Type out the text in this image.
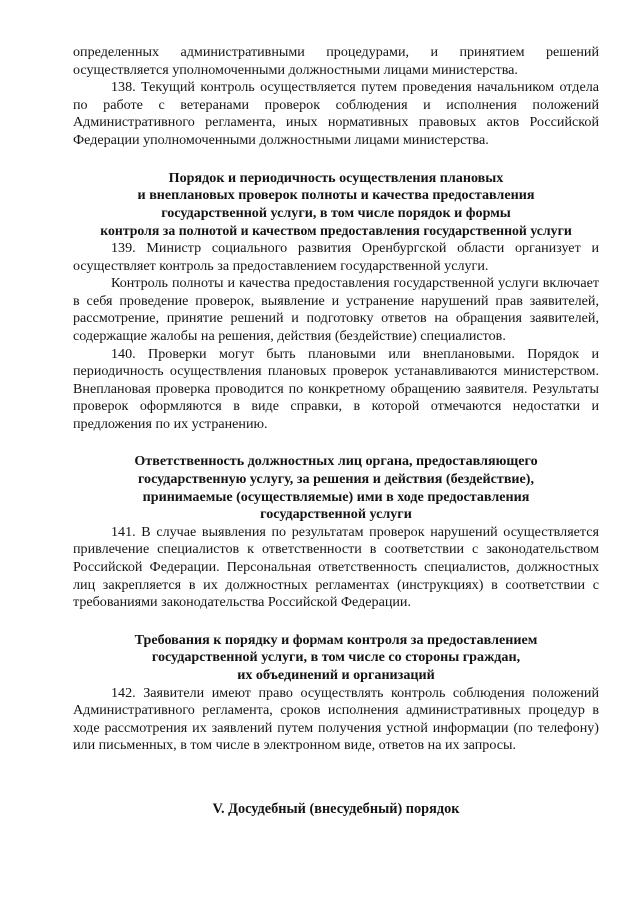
определенных административными процедурами, и принятием решений осуществляется уполномоченными должностными лицами министерства.

138. Текущий контроль осуществляется путем проведения начальником отдела по работе с ветеранами проверок соблюдения и исполнения положений Административного регламента, иных нормативных правовых актов Российской Федерации уполномоченными должностными лицами министерства.

Порядок и периодичность осуществления плановых
и внеплановых проверок полноты и качества предоставления
государственной услуги, в том числе порядок и формы
контроля за полнотой и качеством предоставления государственной услуги

139. Министр социального развития Оренбургской области организует и осуществляет контроль за предоставлением государственной услуги.

Контроль полноты и качества предоставления государственной услуги включает в себя проведение проверок, выявление и устранение нарушений прав заявителей, рассмотрение, принятие решений и подготовку ответов на обращения заявителей, содержащие жалобы на решения, действия (бездействие) специалистов.

140. Проверки могут быть плановыми или внеплановыми. Порядок и периодичность осуществления плановых проверок устанавливаются министерством. Внеплановая проверка проводится по конкретному обращению заявителя. Результаты проверок оформляются в виде справки, в которой отмечаются недостатки и предложения по их устранению.

Ответственность должностных лиц органа, предоставляющего
государственную услугу, за решения и действия (бездействие),
принимаемые (осуществляемые) ими в ходе предоставления
государственной услуги

141. В случае выявления по результатам проверок нарушений осуществляется привлечение специалистов к ответственности в соответствии с законодательством Российской Федерации. Персональная ответственность специалистов, должностных лиц закрепляется в их должностных регламентах (инструкциях) в соответствии с требованиями законодательства Российской Федерации.

Требования к порядку и формам контроля за предоставлением
государственной услуги, в том числе со стороны граждан,
их объединений и организаций

142. Заявители имеют право осуществлять контроль соблюдения положений Административного регламента, сроков исполнения административных процедур в ходе рассмотрения их заявлений путем получения устной информации (по телефону) или письменных, в том числе в электронном виде, ответов на их запросы.

V. Досудебный (внесудебный) порядок
